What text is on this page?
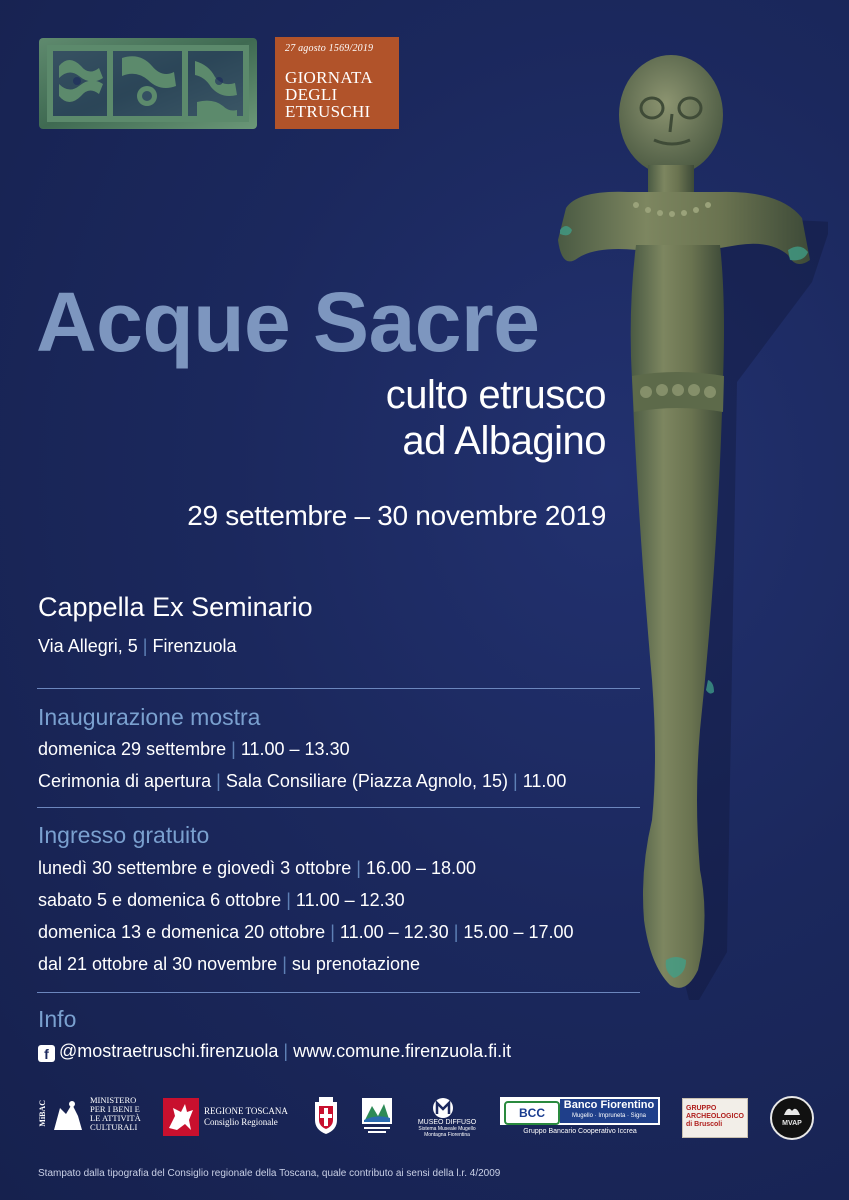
27 agosto 1569/2019
GIORNATA
DEGLI
ETRUSCHI
Acque Sacre
culto etrusco
ad Albagino
29 settembre – 30 novembre 2019
Cappella Ex Seminario
Via Allegri, 5 | Firenzuola
Inaugurazione mostra
domenica 29 settembre | 11.00 – 13.30
Cerimonia di apertura | Sala Consiliare (Piazza Agnolo, 15) | 11.00
Ingresso gratuito
lunedì 30 settembre e giovedì 3 ottobre | 16.00 – 18.00
sabato 5 e domenica 6 ottobre | 11.00 – 12.30
domenica 13 e domenica 20 ottobre | 11.00 – 12.30 | 15.00 – 17.00
dal 21 ottobre al 30 novembre | su prenotazione
Info
f @mostraetruschi.firenzuola | www.comune.firenzuola.fi.it
MiBAC	MINISTERO
PER I BENI E
LE ATTIVITÀ
CULTURALI
REGIONE TOSCANA
Consiglio Regionale	MUSEO DIFFUSO
Sistema Museale Mugello
Montagna Fiorentina
BCC
Banco Fiorentino
Mugello · Impruneta · Signa
Gruppo Bancario Cooperativo Iccrea
GRUPPO
ARCHEOLOGICO
di Bruscoli	MVAP
Stampato dalla tipografia del Consiglio regionale della Toscana, quale contributo ai sensi della l.r. 4/2009
